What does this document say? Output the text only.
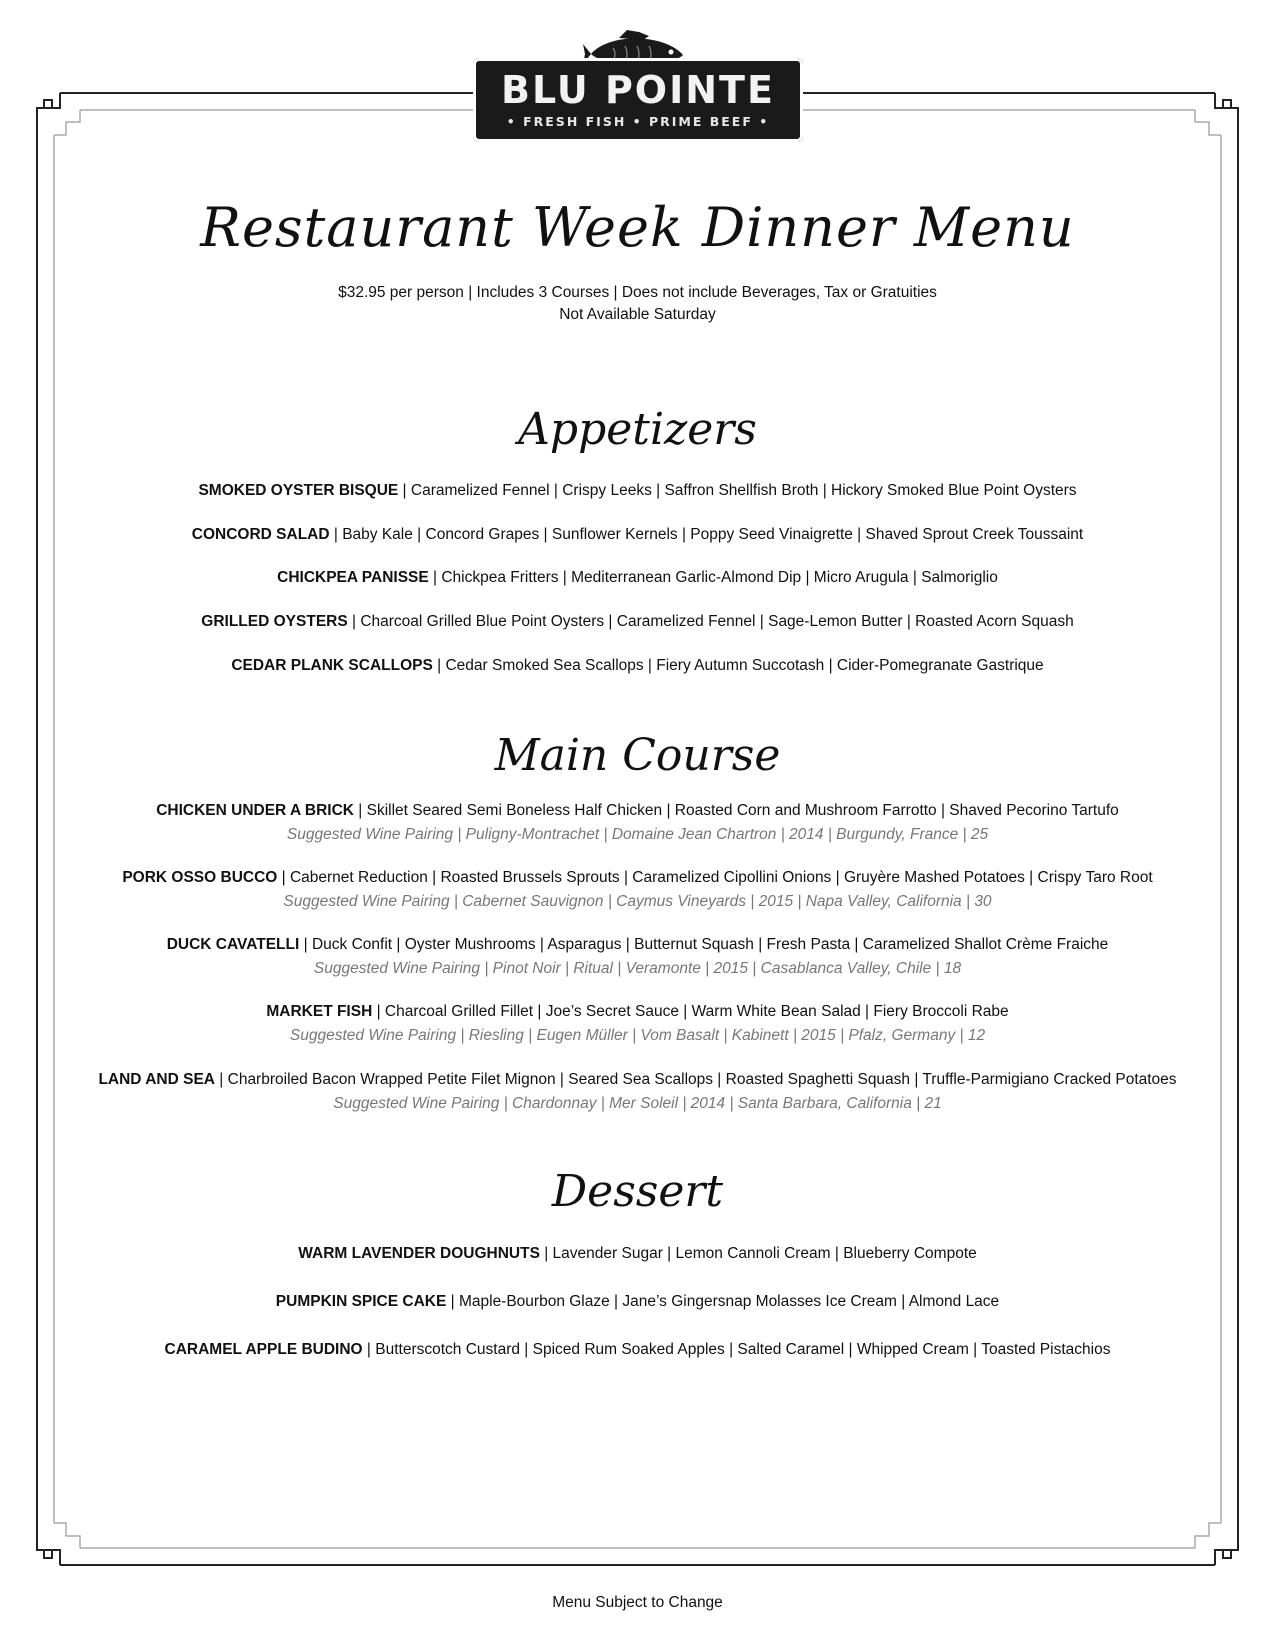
BLU POINTE
• FRESH FISH • PRIME BEEF •
Restaurant Week Dinner Menu
$32.95 per person | Includes 3 Courses | Does not include Beverages, Tax or Gratuities
Not Available Saturday
Appetizers
SMOKED OYSTER BISQUE | Caramelized Fennel | Crispy Leeks | Saffron Shellfish Broth | Hickory Smoked Blue Point Oysters
CONCORD SALAD | Baby Kale | Concord Grapes | Sunflower Kernels | Poppy Seed Vinaigrette | Shaved Sprout Creek Toussaint
CHICKPEA PANISSE | Chickpea Fritters | Mediterranean Garlic-Almond Dip | Micro Arugula | Salmoriglio
GRILLED OYSTERS | Charcoal Grilled Blue Point Oysters | Caramelized Fennel | Sage-Lemon Butter | Roasted Acorn Squash
CEDAR PLANK SCALLOPS | Cedar Smoked Sea Scallops | Fiery Autumn Succotash | Cider-Pomegranate Gastrique
Main Course
CHICKEN UNDER A BRICK | Skillet Seared Semi Boneless Half Chicken | Roasted Corn and Mushroom Farrotto | Shaved Pecorino Tartufo
Suggested Wine Pairing | Puligny-Montrachet | Domaine Jean Chartron | 2014 | Burgundy, France | 25
PORK OSSO BUCCO | Cabernet Reduction | Roasted Brussels Sprouts | Caramelized Cipollini Onions | Gruyère Mashed Potatoes | Crispy Taro Root
Suggested Wine Pairing | Cabernet Sauvignon | Caymus Vineyards | 2015 | Napa Valley, California | 30
DUCK CAVATELLI | Duck Confit | Oyster Mushrooms | Asparagus | Butternut Squash | Fresh Pasta | Caramelized Shallot Crème Fraiche
Suggested Wine Pairing | Pinot Noir | Ritual | Veramonte | 2015 | Casablanca Valley, Chile | 18
MARKET FISH | Charcoal Grilled Fillet | Joe’s Secret Sauce | Warm White Bean Salad | Fiery Broccoli Rabe
Suggested Wine Pairing | Riesling | Eugen Müller | Vom Basalt | Kabinett | 2015 | Pfalz, Germany | 12
LAND AND SEA | Charbroiled Bacon Wrapped Petite Filet Mignon | Seared Sea Scallops | Roasted Spaghetti Squash | Truffle-Parmigiano Cracked Potatoes
Suggested Wine Pairing | Chardonnay | Mer Soleil | 2014 | Santa Barbara, California | 21
Dessert
WARM LAVENDER DOUGHNUTS | Lavender Sugar | Lemon Cannoli Cream | Blueberry Compote
PUMPKIN SPICE CAKE | Maple-Bourbon Glaze | Jane’s Gingersnap Molasses Ice Cream | Almond Lace
CARAMEL APPLE BUDINO | Butterscotch Custard | Spiced Rum Soaked Apples | Salted Caramel | Whipped Cream | Toasted Pistachios
Menu Subject to Change
